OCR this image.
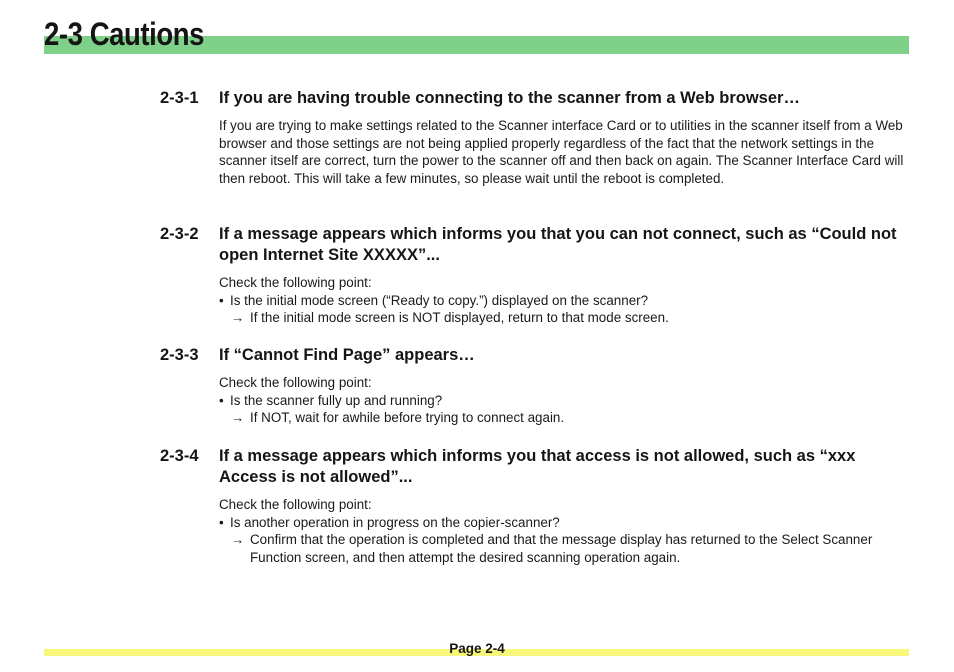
2-3 Cautions
2-3-1 If you are having trouble connecting to the scanner from a Web browser…

If you are trying to make settings related to the Scanner interface Card or to utilities in the scanner itself from a Web browser and those settings are not being applied properly regardless of the fact that the network settings in the scanner itself are correct, turn the power to the scanner off and then back on again. The Scanner Interface Card will then reboot. This will take a few minutes, so please wait until the reboot is completed.

2-3-2 If a message appears which informs you that you can not connect, such as “Could not open Internet Site XXXXX”...

Check the following point:

• Is the initial mode screen (“Ready to copy.”) displayed on the scanner?

→ If the initial mode screen is NOT displayed, return to that mode screen.

2-3-3 If “Cannot Find Page” appears…

Check the following point:

• Is the scanner fully up and running?

→ If NOT, wait for awhile before trying to connect again.

2-3-4 If a message appears which informs you that access is not allowed, such as “xxx Access is not allowed”...

Check the following point:

• Is another operation in progress on the copier-scanner?

→ Confirm that the operation is completed and that the message display has returned to the Select Scanner Function screen, and then attempt the desired scanning operation again.

Page 2-4
